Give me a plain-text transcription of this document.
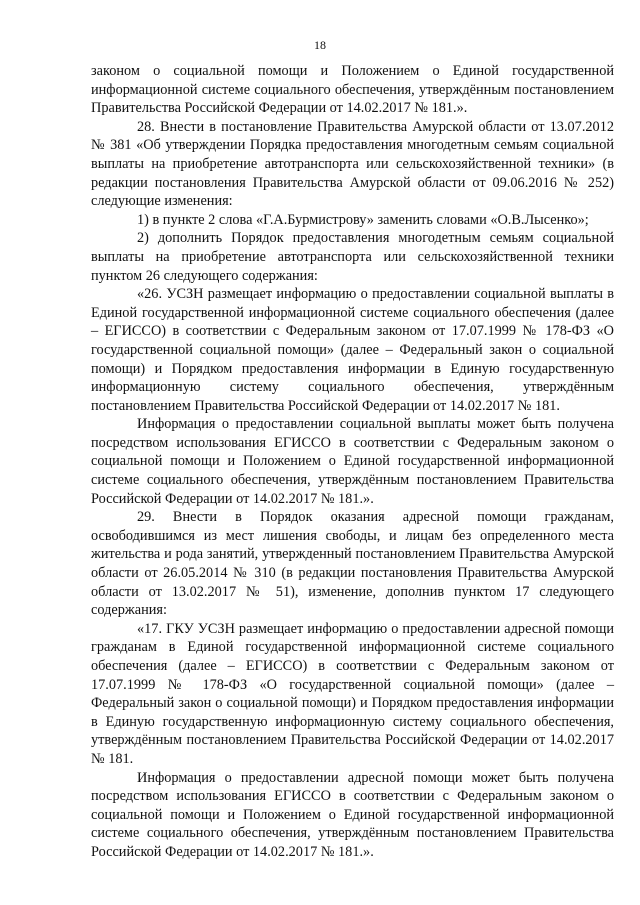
18

законом о социальной помощи и Положением о Единой государственной информационной системе социального обеспечения, утверждённым постановлением Правительства Российской Федерации от 14.02.2017 № 181.».

28. Внести в постановление Правительства Амурской области от 13.07.2012 № 381 «Об утверждении Порядка предоставления многодетным семьям социальной выплаты на приобретение автотранспорта или сельскохозяйственной техники» (в редакции постановления Правительства Амурской области от 09.06.2016 № 252) следующие изменения:

1) в пункте 2 слова «Г.А.Бурмистрову» заменить словами «О.В.Лысенко»;

2) дополнить Порядок предоставления многодетным семьям социальной выплаты на приобретение автотранспорта или сельскохозяйственной техники пунктом 26 следующего содержания:

«26. УСЗН размещает информацию о предоставлении социальной выплаты в Единой государственной информационной системе социального обеспечения (далее – ЕГИССО) в соответствии с Федеральным законом от 17.07.1999 № 178-ФЗ «О государственной социальной помощи» (далее – Федеральный закон о социальной помощи) и Порядком предоставления информации в Единую государственную информационную систему социального обеспечения, утверждённым постановлением Правительства Российской Федерации от 14.02.2017 № 181.

Информация о предоставлении социальной выплаты может быть получена посредством использования ЕГИССО в соответствии с Федеральным законом о социальной помощи и Положением о Единой государственной информационной системе социального обеспечения, утверждённым постановлением Правительства Российской Федерации от 14.02.2017 № 181.».

29. Внести в Порядок оказания адресной помощи гражданам, освободившимся из мест лишения свободы, и лицам без определенного места жительства и рода занятий, утвержденный постановлением Правительства Амурской области от 26.05.2014 № 310 (в редакции постановления Правительства Амурской области от 13.02.2017 № 51), изменение, дополнив пунктом 17 следующего содержания:

«17. ГКУ УСЗН размещает информацию о предоставлении адресной помощи гражданам в Единой государственной информационной системе социального обеспечения (далее – ЕГИССО) в соответствии с Федеральным законом от 17.07.1999 № 178-ФЗ «О государственной социальной помощи» (далее – Федеральный закон о социальной помощи) и Порядком предоставления информации в Единую государственную информационную систему социального обеспечения, утверждённым постановлением Правительства Российской Федерации от 14.02.2017 № 181.

Информация о предоставлении адресной помощи может быть получена посредством использования ЕГИССО в соответствии с Федеральным законом о социальной помощи и Положением о Единой государственной информационной системе социального обеспечения, утверждённым постановлением Правительства Российской Федерации от 14.02.2017 № 181.».
